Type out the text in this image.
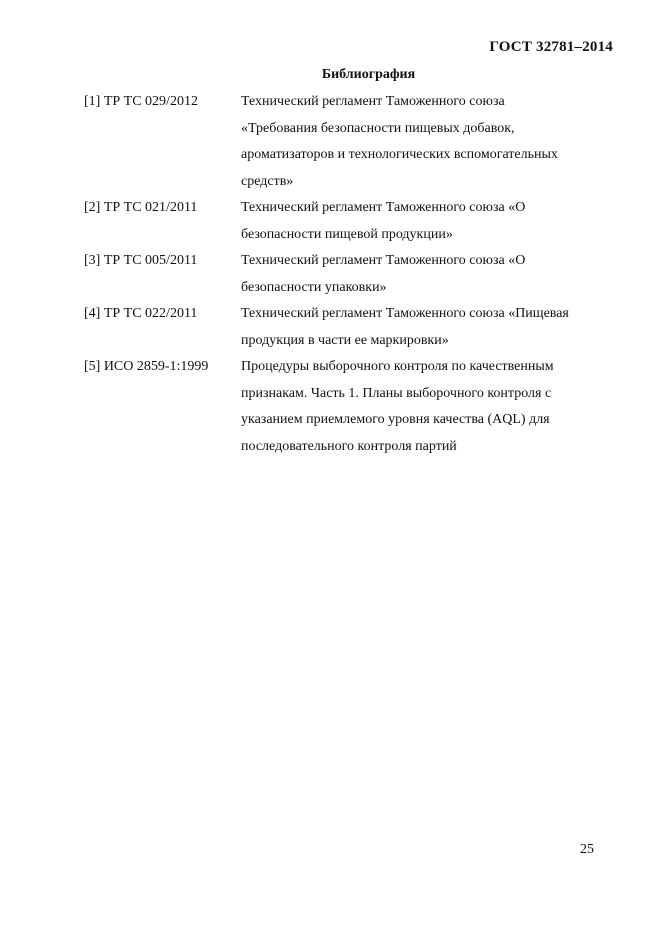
ГОСТ 32781–2014
Библиография
[1] ТР ТС 029/2012	Технический регламент Таможенного союза
«Требования безопасности пищевых добавок,
ароматизаторов и технологических вспомогательных
средств»
[2] ТР ТС 021/2011	Технический регламент Таможенного союза «О
безопасности пищевой продукции»
[3] ТР ТС 005/2011	Технический регламент Таможенного союза «О
безопасности упаковки»
[4] ТР ТС 022/2011	Технический регламент Таможенного союза «Пищевая
продукция в части ее маркировки»
[5] ИСО 2859-1:1999	Процедуры выборочного контроля по качественным
признакам. Часть 1. Планы выборочного контроля с
указанием приемлемого уровня качества (AQL) для
последовательного контроля партий
25
